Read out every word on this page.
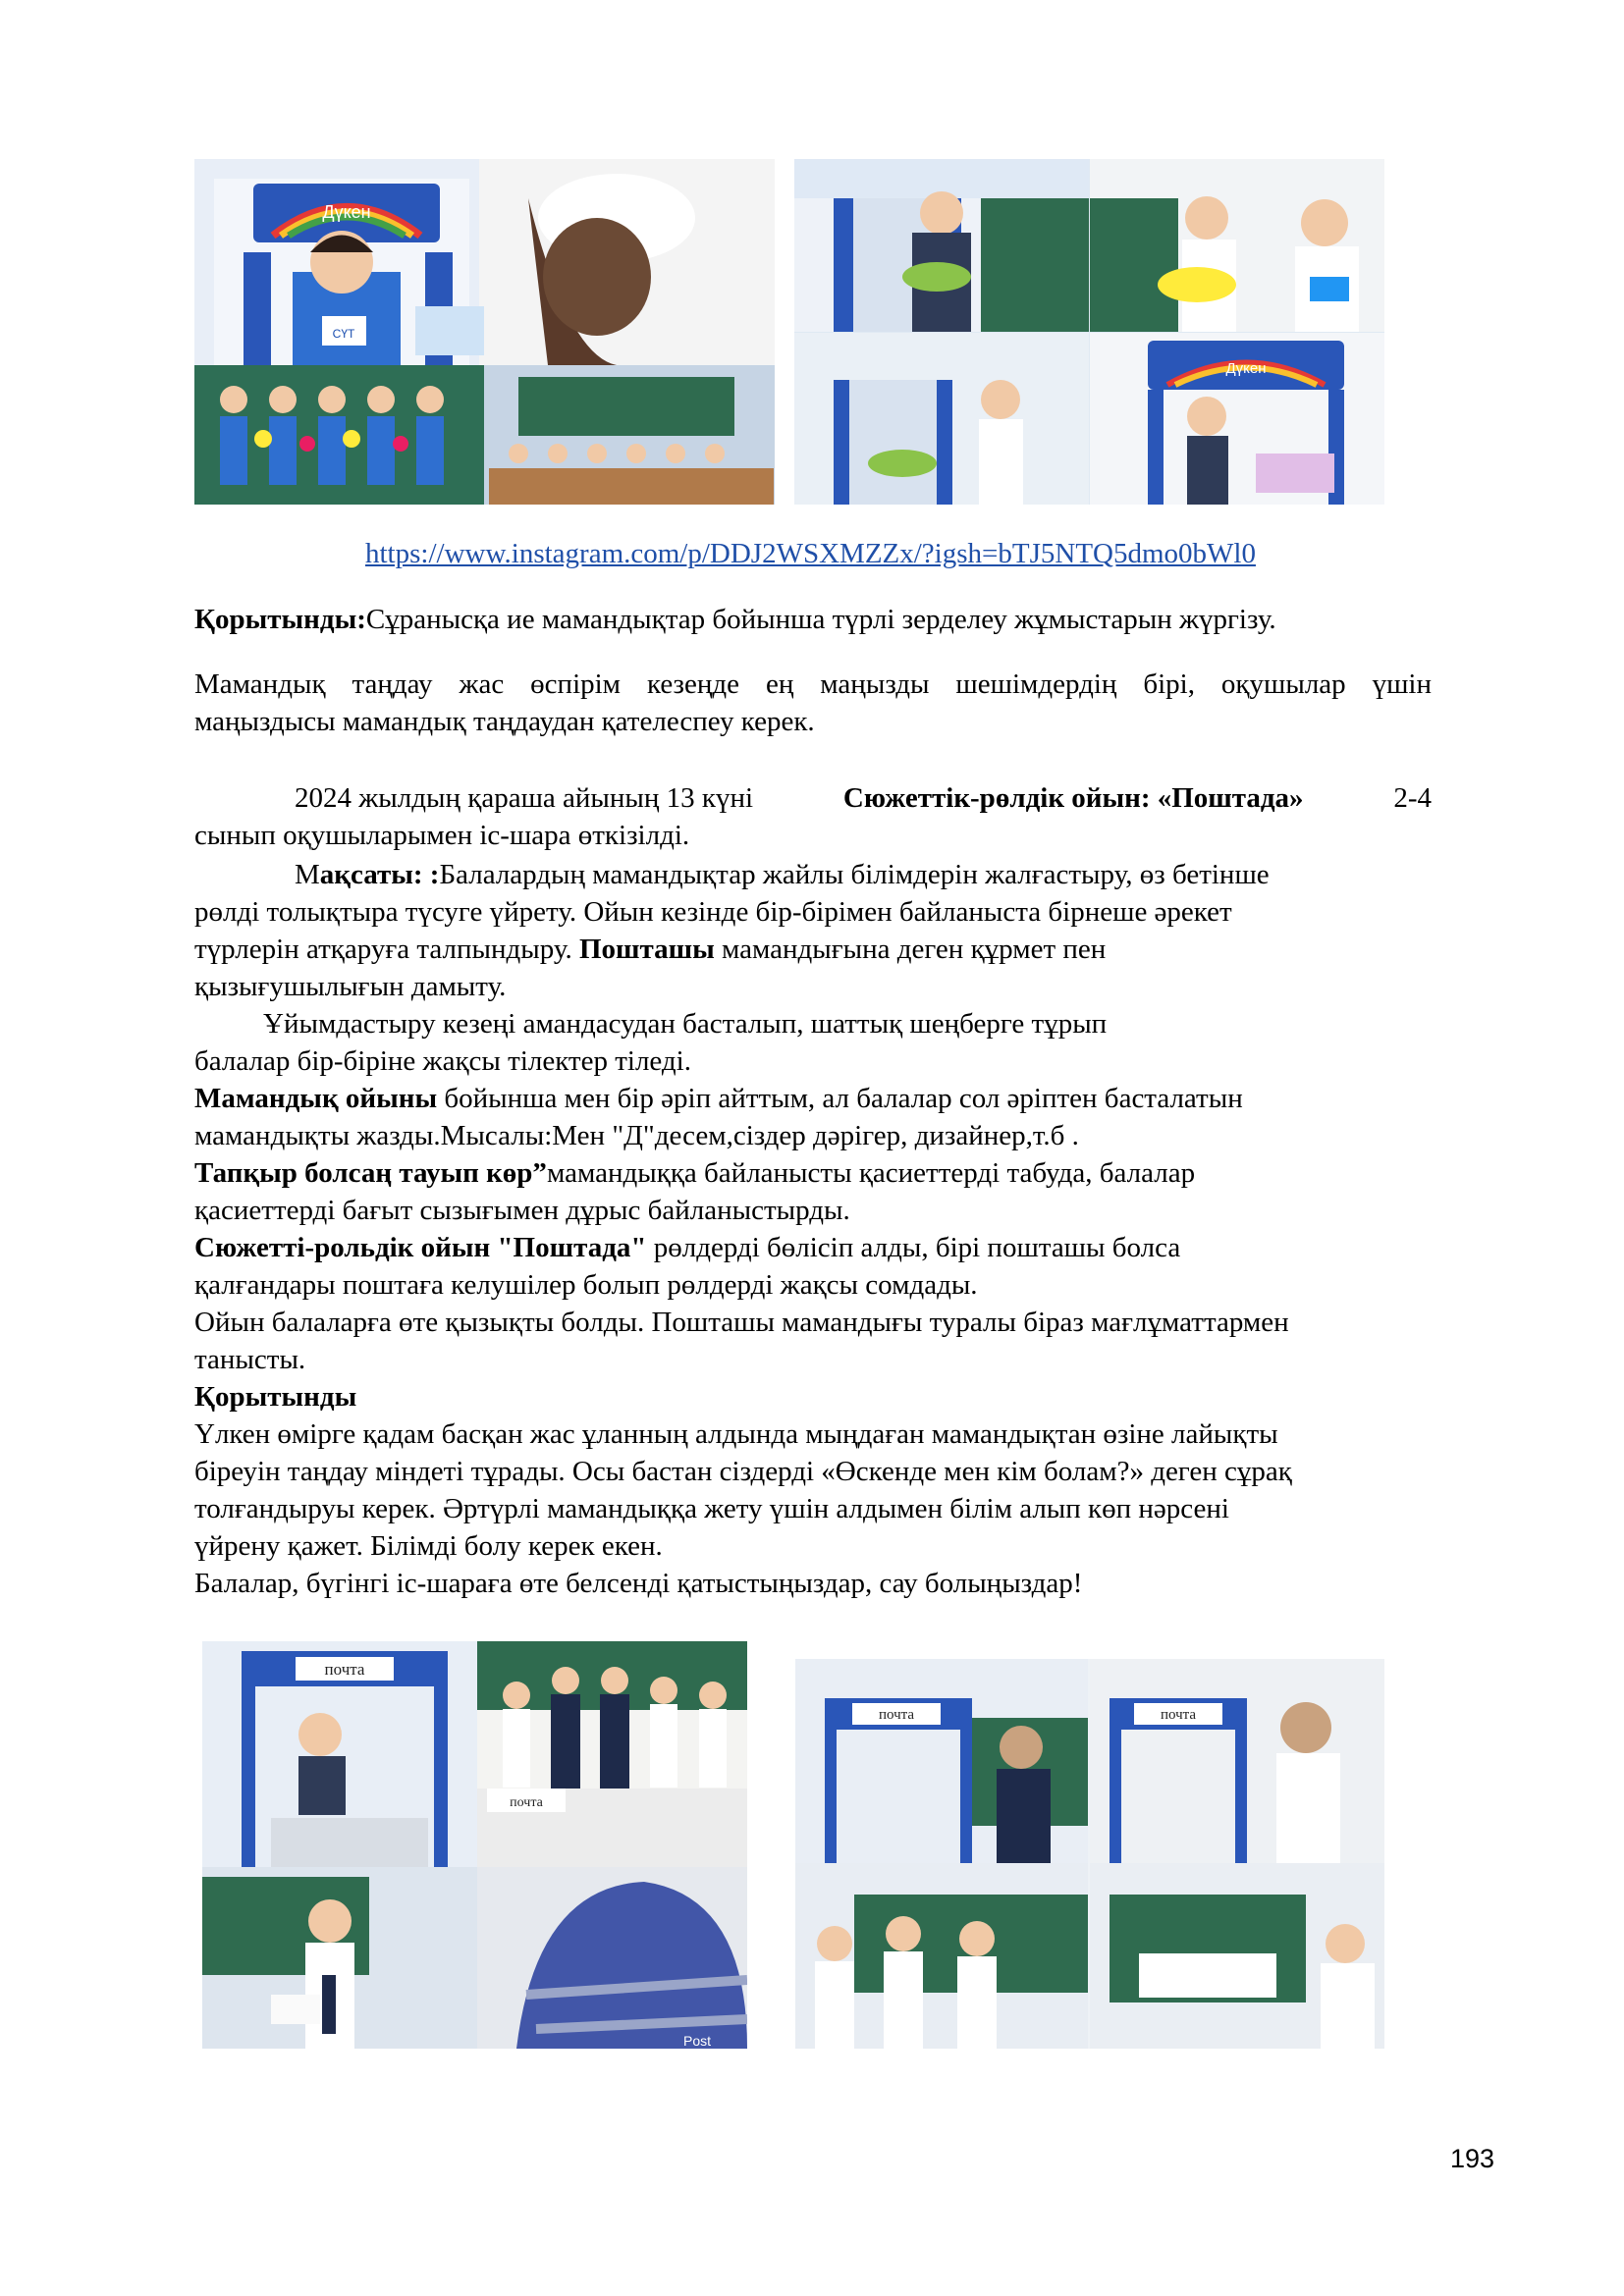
Дүкен
СҮТ
Дүкен
https://www.instagram.com/p/DDJ2WSXMZZx/?igsh=bTJ5NTQ5dmo0bWl0
Қорытынды:Сұранысқа ие мамандықтар бойынша түрлі зерделеу жұмыстарын жүргізу.
Мамандық таңдау жас өспірім кезеңде ең маңызды шешімдердің бірі, оқушылар үшін
маңыздысы мамандық таңдаудан қателеспеу керек.
2024 жылдың қараша айының 13 күні	Сюжеттік-рөлдік ойын: «Поштада»	2-4
сынып оқушыларымен іс-шара өткізілді.
Мақсаты: :Балалардың мамандықтар жайлы білімдерін жалғастыру, өз бетінше
рөлді толықтыра түсуге үйрету. Ойын кезінде бір-бірімен байланыста бірнеше әрекет
түрлерін атқаруға талпындыру. Пошташы мамандығына деген құрмет пен
қызығушылығын дамыту.
Ұйымдастыру кезеңі амандасудан басталып, шаттық шеңберге тұрып
балалар бір-біріне жақсы тілектер тіледі.
Мамандық ойыны бойынша мен бір әріп айттым, ал балалар сол әріптен басталатын
мамандықты жазды.Мысалы:Мен "Д"десем,сіздер дәрігер, дизайнер,т.б .
Тапқыр болсаң тауып көр”мамандыққа байланысты қасиеттерді табуда, балалар
қасиеттерді бағыт сызығымен дұрыс байланыстырды.
Сюжетті-рольдік ойын "Поштада" рөлдерді бөлісіп алды, бірі пошташы болса
қалғандары поштаға келушілер болып рөлдерді жақсы сомдады.
Ойын балаларға өте қызықты болды. Пошташы мамандығы туралы біраз мағлұматтармен
танысты.
Қорытынды
Үлкен өмірге қадам басқан жас ұланның алдында мыңдаған мамандықтан өзіне лайықты
біреуін таңдау міндеті тұрады. Осы бастан сіздерді «Өскенде мен кім болам?» деген сұрақ
толғандыруы керек. Әртүрлі мамандыққа жету үшін алдымен білім алып көп нәрсені
үйрену қажет. Білімді болу керек екен.
Балалар, бүгінгі іс-шараға өте белсенді қатыстыңыздар, сау болыңыздар!
почта
почта
Post
почта	почта
193
